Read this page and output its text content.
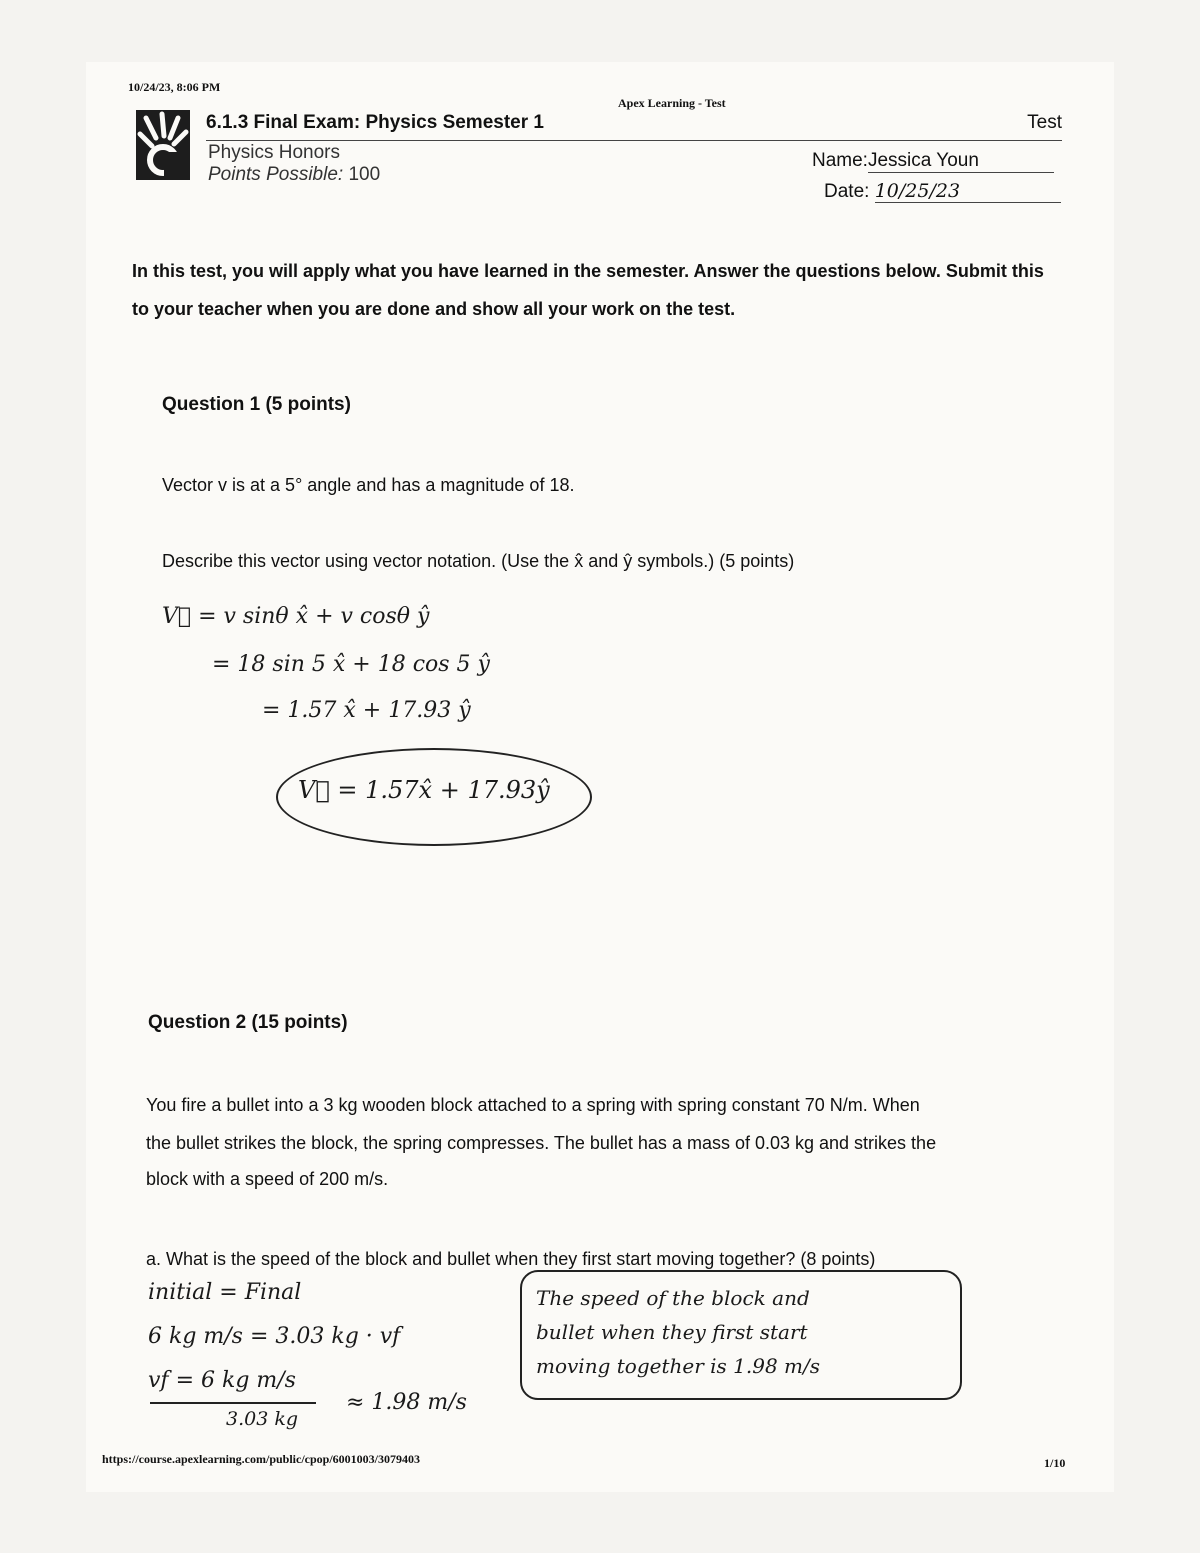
10/24/23, 8:06 PM
Apex Learning - Test
6.1.3 Final Exam: Physics Semester 1	Test
Physics Honors
Points Possible: 100
Name:Jessica Youn
Date: 10/25/23
In this test, you will apply what you have learned in the semester. Answer the questions below. Submit this to your teacher when you are done and show all your work on the test.
Question 1 (5 points)
Vector v is at a 5° angle and has a magnitude of 18.
Describe this vector using vector notation. (Use the x̂ and ŷ symbols.) (5 points)
V⃗ = v sinθ x̂ + v cosθ ŷ
= 18 sin 5 x̂ + 18 cos 5 ŷ
= 1.57 x̂ + 17.93 ŷ
V⃗ = 1.57x̂ + 17.93ŷ
Question 2 (15 points)
You fire a bullet into a 3 kg wooden block attached to a spring with spring constant 70 N/m. When
the bullet strikes the block, the spring compresses. The bullet has a mass of 0.03 kg and strikes the
block with a speed of 200 m/s.
a. What is the speed of the block and bullet when they first start moving together? (8 points)
initial = Final
6 kg m/s = 3.03 kg · vf
vf = 6 kg m/s
≈ 1.98 m/s
3.03 kg
The speed of the block and
bullet when they first start
moving together is 1.98 m/s
https://course.apexlearning.com/public/cpop/6001003/3079403	1/10
